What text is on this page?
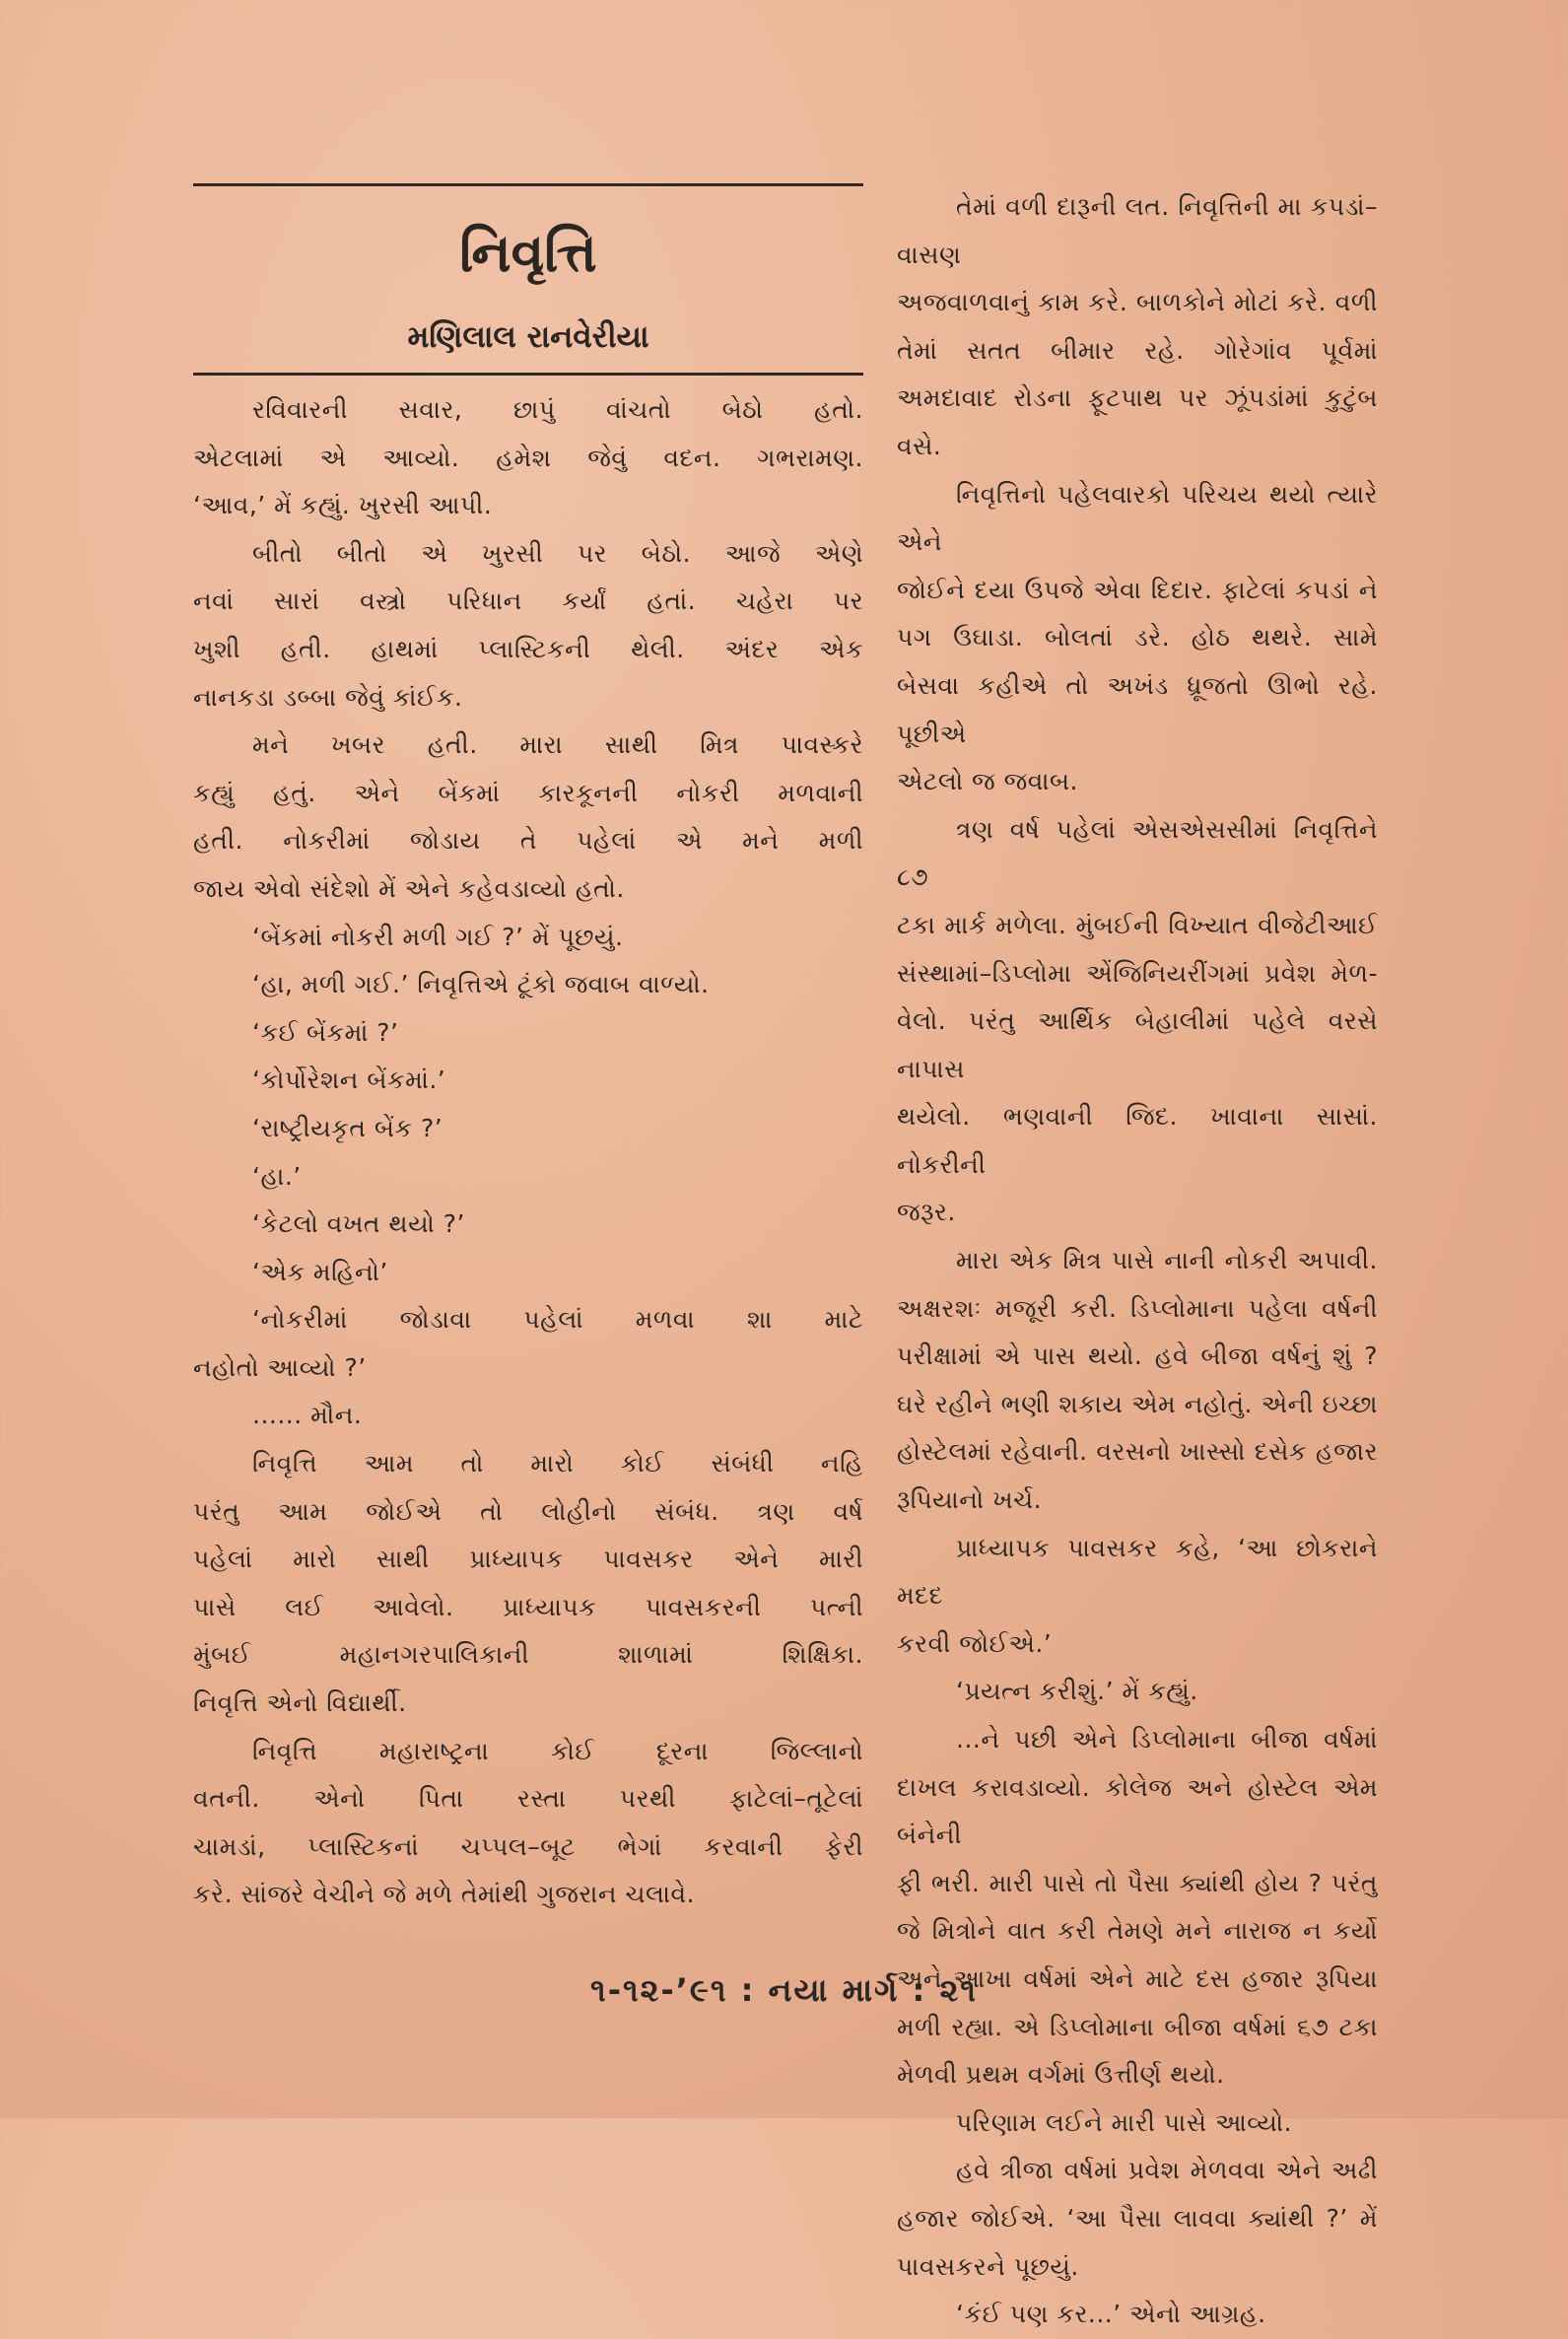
નિવૃત્તિ
મણિલાલ રાનવેરીયા

રવિવારની સવાર, છાપું વાંચતો બેઠો હતો.

એટલામાં એ આવ્યો. હમેશ જેવું વદન. ગભરામણ.

‘આવ,’ મેં કહ્યું. ખુરસી આપી.

બીતો બીતો એ ખુરસી પર બેઠો. આજે એણે

નવાં સારાં વસ્ત્રો પરિધાન કર્યાં હતાં. ચહેરા પર

ખુશી હતી. હાથમાં પ્લાસ્ટિકની થેલી. અંદર એક

નાનકડા ડબ્બા જેવું કાંઈક.

મને ખબર હતી. મારા સાથી મિત્ર પાવસ્કરે

કહ્યું હતું. એને બેંકમાં કારકૂનની નોકરી મળવાની

હતી. નોકરીમાં જોડાય તે પહેલાં એ મને મળી

જાય એવો સંદેશો મેં એને કહેવડાવ્યો હતો.

‘બેંકમાં નોકરી મળી ગઈ ?’ મેં પૂછયું.

‘હા, મળી ગઈ.’ નિવૃત્તિએ ટૂંકો જવાબ વાળ્યો.

‘કઈ બેંકમાં ?’

‘કોર્પોરેશન બેંકમાં.’

‘રાષ્ટ્રીયકૃત બેંક ?’

‘હા.’

‘કેટલો વખત થયો ?’

‘એક મહિનો’

‘નોકરીમાં જોડાવા પહેલાં મળવા શા માટે

નહોતો આવ્યો ?’

...... મૌન.

નિવૃત્તિ આમ તો મારો કોઈ સંબંધી નહિ

પરંતુ આમ જોઈએ તો લોહીનો સંબંધ. ત્રણ વર્ષ

પહેલાં મારો સાથી પ્રાધ્યાપક પાવસકર એને મારી

પાસે લઈ આવેલો. પ્રાધ્યાપક પાવસકરની પત્ની

મુંબઈ મહાનગરપાલિકાની શાળામાં શિક્ષિકા.

નિવૃત્તિ એનો વિદ્યાર્થી.

નિવૃત્તિ મહારાષ્ટ્રના કોઈ દૂરના જિલ્લાનો

વતની. એનો પિતા રસ્તા પરથી ફાટેલાં–તૂટેલાં

ચામડાં, પ્લાસ્ટિકનાં ચપ્પલ–બૂટ ભેગાં કરવાની ફેરી

કરે. સાંજરે વેચીને જે મળે તેમાંથી ગુજરાન ચલાવે.

તેમાં વળી દારૂની લત. નિવૃત્તિની મા કપડાં–વાસણ

અજવાળવાનું કામ કરે. બાળકોને મોટાં કરે. વળી

તેમાં સતત બીમાર રહે. ગોરેગાંવ પૂર્વમાં

અમદાવાદ રોડના ફૂટપાથ પર ઝૂંપડાંમાં કુટુંબ વસે.

નિવૃત્તિનો પહેલવારકો પરિચય થયો ત્યારે એને

જોઈને દયા ઉપજે એવા દિદાર. ફાટેલાં કપડાં ને

પગ ઉઘાડા. બોલતાં ડરે. હોઠ થથરે. સામે

બેસવા કહીએ તો અખંડ ધ્રૂજતો ઊભો રહે. પૂછીએ

એટલો જ જવાબ.

ત્રણ વર્ષ પહેલાં એસએસસીમાં નિવૃત્તિને ૮૭

ટકા માર્ક મળેલા. મુંબઈની વિખ્યાત વીજેટીઆઈ

સંસ્થામાં–ડિપ્લોમા એંજિનિયરીંગમાં પ્રવેશ મેળ-

વેલો. પરંતુ આર્થિક બેહાલીમાં પહેલે વરસે નાપાસ

થયેલો. ભણવાની જિદ. ખાવાના સાસાં. નોકરીની

જરૂર.

મારા એક મિત્ર પાસે નાની નોકરી અપાવી.

અક્ષરશઃ મજૂરી કરી. ડિપ્લોમાના પહેલા વર્ષની

પરીક્ષામાં એ પાસ થયો. હવે બીજા વર્ષનું શું ?

ઘરે રહીને ભણી શકાય એમ નહોતું. એની ઇચ્છા

હોસ્ટેલમાં રહેવાની. વરસનો ખાસ્સો દસેક હજાર

રૂપિયાનો ખર્ચ.

પ્રાધ્યાપક પાવસકર કહે, ‘આ છોકરાને મદદ

કરવી જોઈએ.’

‘પ્રયત્ન કરીશું.’ મેં કહ્યું.

...ને પછી એને ડિપ્લોમાના બીજા વર્ષમાં

દાખલ કરાવડાવ્યો. કોલેજ અને હોસ્ટેલ એમ બંનેની

ફી ભરી. મારી પાસે તો પૈસા ક્યાંથી હોય ? પરંતુ

જે મિત્રોને વાત કરી તેમણે મને નારાજ ન કર્યો

અને આખા વર્ષમાં એને માટે દસ હજાર રૂપિયા

મળી રહ્યા. એ ડિપ્લોમાના બીજા વર્ષમાં ૬૭ ટકા

મેળવી પ્રથમ વર્ગમાં ઉત્તીર્ણ થયો.

પરિણામ લઈને મારી પાસે આવ્યો.

હવે ત્રીજા વર્ષમાં પ્રવેશ મેળવવા એને અઢી

હજાર જોઈએ. ‘આ પૈસા લાવવા ક્યાંથી ?’ મેં

પાવસકરને પૂછયું.

‘કંઈ પણ કર...’ એનો આગ્રહ.

૧-૧૨-’૯૧ : નયા માર્ગ : ૨૧
